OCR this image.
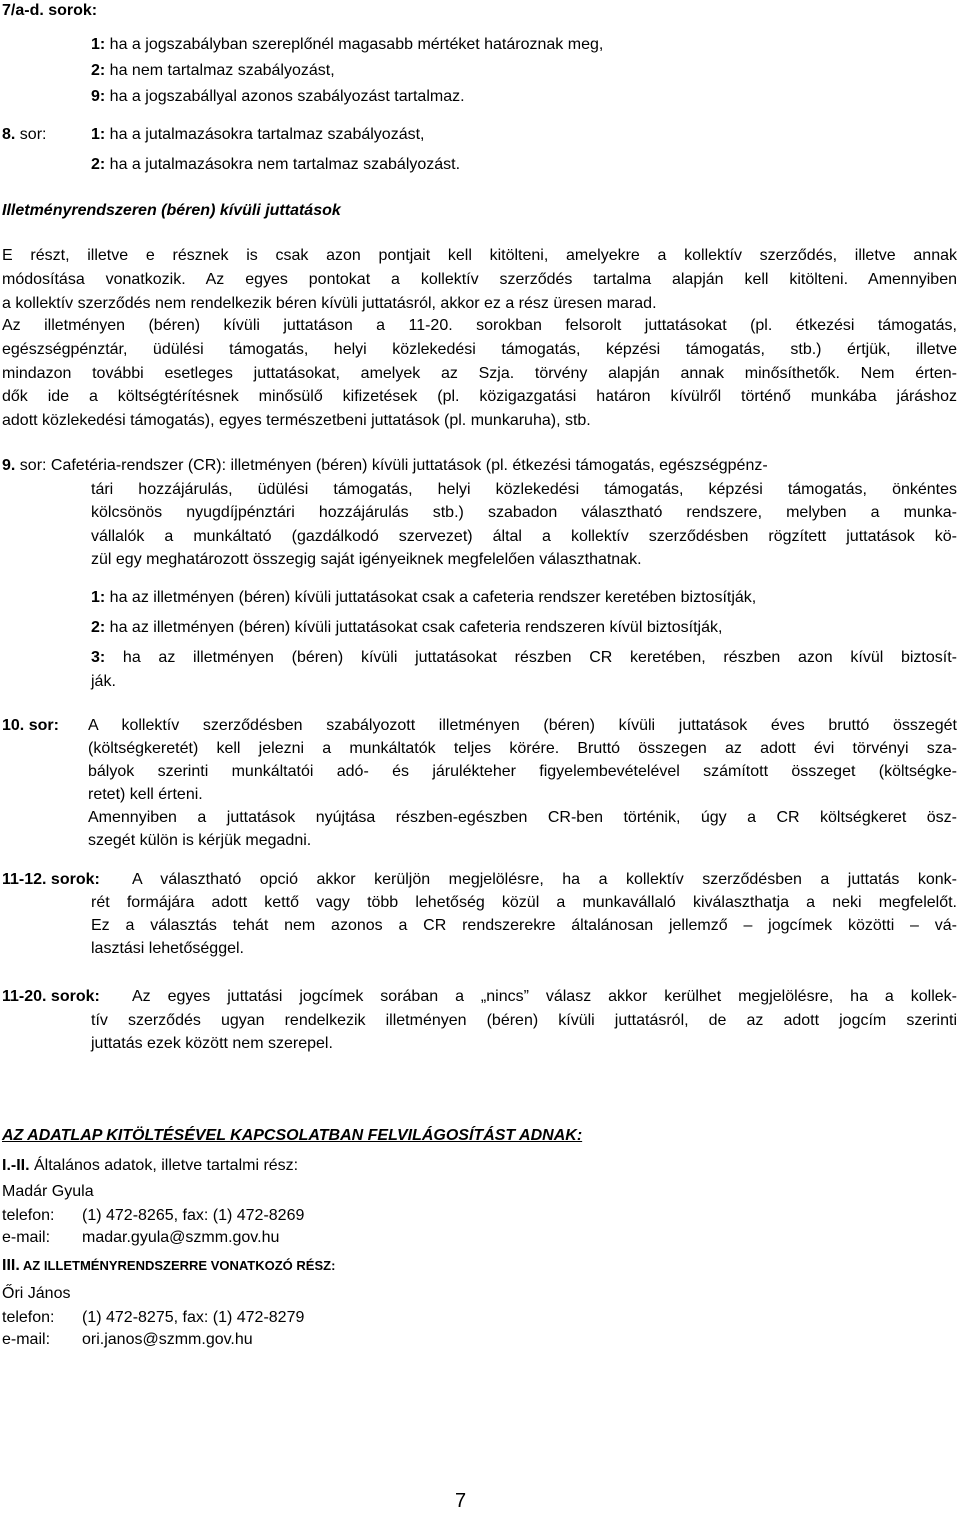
7/a-d. sorok:
1: ha a jogszabályban szereplőnél magasabb mértéket határoznak meg,
2: ha nem tartalmaz szabályozást,
9: ha a jogszabállyal azonos szabályozást tartalmaz.
8. sor:	1: ha a jutalmazásokra tartalmaz szabályozást,
2: ha a jutalmazásokra nem tartalmaz szabályozást.
Illetményrendszeren (béren) kívüli juttatások
E részt, illetve e résznek is csak azon pontjait kell kitölteni, amelyekre a kollektív szerződés, illetve annak
módosítása vonatkozik. Az egyes pontokat a kollektív szerződés tartalma alapján kell kitölteni. Amennyiben
a kollektív szerződés nem rendelkezik béren kívüli juttatásról, akkor ez a rész üresen marad.
Az illetményen (béren) kívüli juttatáson a 11-20. sorokban felsorolt juttatásokat (pl. étkezési támogatás,
egészségpénztár, üdülési támogatás, helyi közlekedési támogatás, képzési támogatás, stb.) értjük, illetve
mindazon további esetleges juttatásokat, amelyek az Szja. törvény alapján annak minősíthetők. Nem érten-
dők ide a költségtérítésnek minősülő kifizetések (pl. közigazgatási határon kívülről történő munkába járáshoz
adott közlekedési támogatás), egyes természetbeni juttatások (pl. munkaruha), stb.
9. sor: Cafetéria-rendszer (CR): illetményen (béren) kívüli juttatások (pl. étkezési támogatás, egészségpénz-
tári hozzájárulás, üdülési támogatás, helyi közlekedési támogatás, képzési támogatás, önkéntes
kölcsönös nyugdíjpénztári hozzájárulás stb.) szabadon választható rendszere, melyben a munka-
vállalók a munkáltató (gazdálkodó szervezet) által a kollektív szerződésben rögzített juttatások kö-
zül egy meghatározott összegig saját igényeiknek megfelelően választhatnak.
1: ha az illetményen (béren) kívüli juttatásokat csak a cafeteria rendszer keretében biztosítják,
2: ha az illetményen (béren) kívüli juttatásokat csak cafeteria rendszeren kívül biztosítják,
3: ha az illetményen (béren) kívüli juttatásokat részben CR keretében, részben azon kívül biztosít-
ják.
10. sor: A kollektív szerződésben szabályozott illetményen (béren) kívüli juttatások éves bruttó összegét
(költségkeretét) kell jelezni a munkáltatók teljes körére. Bruttó összegen az adott évi törvényi sza-
bályok szerinti munkáltatói adó- és járulékteher figyelembevételével számított összeget (költségke-
retet) kell érteni.
Amennyiben a juttatások nyújtása részben-egészben CR-ben történik, úgy a CR költségkeret ösz-
szegét külön is kérjük megadni.
11-12. sorok: A választható opció akkor kerüljön megjelölésre, ha a kollektív szerződésben a juttatás konk-
rét formájára adott kettő vagy több lehetőség közül a munkavállaló kiválaszthatja a neki megfelelőt.
Ez a választás tehát nem azonos a CR rendszerekre általánosan jellemző – jogcímek közötti – vá-
lasztási lehetőséggel.
11-20. sorok: Az egyes juttatási jogcímek sorában a „nincs” válasz akkor kerülhet megjelölésre, ha a kollek-
tív szerződés ugyan rendelkezik illetményen (béren) kívüli juttatásról, de az adott jogcím szerinti
juttatás ezek között nem szerepel.
AZ ADATLAP KITÖLTÉSÉVEL KAPCSOLATBAN FELVILÁGOSÍTÁST ADNAK:
I.-II. Általános adatok, illetve tartalmi rész:
Madár Gyula
telefon: (1) 472-8265, fax: (1) 472-8269
e-mail: madar.gyula@szmm.gov.hu
III. AZ ILLETMÉNYRENDSZERRE VONATKOZÓ RÉSZ:
Őri János
telefon: (1) 472-8275, fax: (1) 472-8279
e-mail: ori.janos@szmm.gov.hu
7
